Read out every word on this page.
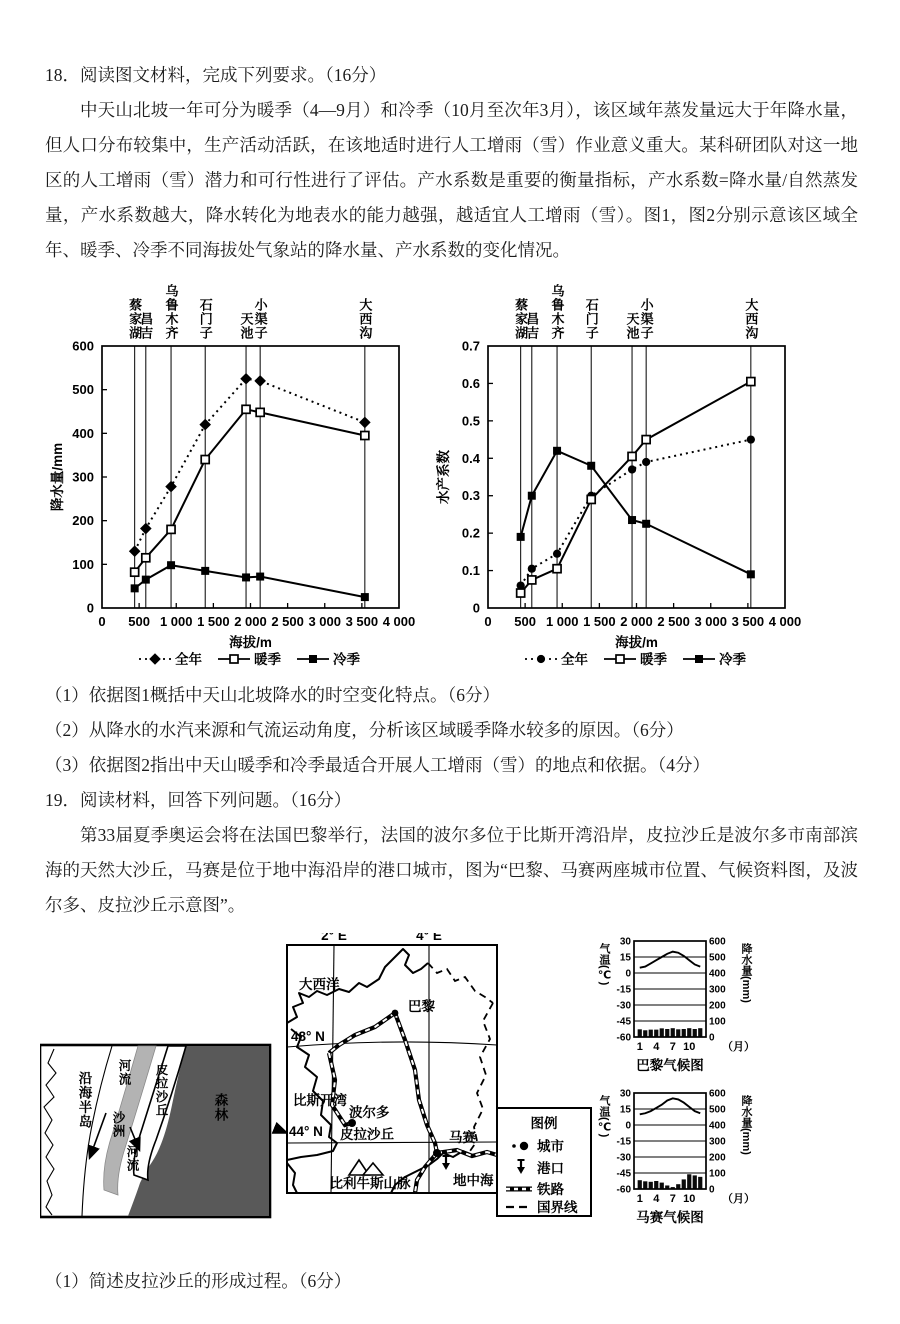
18．阅读图文材料，完成下列要求。（16分）

中天山北坡一年可分为暖季（4—9月）和冷季（10月至次年3月），该区域年蒸发量远大于年降水量，但人口分布较集中，生产活动活跃，在该地适时进行人工增雨（雪）作业意义重大。某科研团队对这一地区的人工增雨（雪）潜力和可行性进行了评估。产水系数是重要的衡量指标，产水系数=降水量/自然蒸发量，产水系数越大，降水转化为地表水的能力越强，越适宜人工增雨（雪）。图1，图2分别示意该区域全年、暖季、冷季不同海拔处气象站的降水量、产水系数的变化情况。

0
100
200
300
400
500
600
0 500 1 000 1 500 2 000 2 500 3 000 3 500 4 000
蔡家湖
昌吉 乌鲁木齐 石门子 天池 小渠子	大西沟
降水量/mm
海拔/m
全年	暖季	冷季
0
0.1
0.2
0.3
0.4
0.5
0.6
0.7
0 500 1 000 1 500 2 000 2 500 3 000 3 500 4 000
蔡家湖
昌吉 乌鲁木齐 石门子 天池 小渠子	大西沟
水产系数
海拔/m
全年	暖季	冷季
（1）依据图1概括中天山北坡降水的时空变化特点。（6分）
（2）从降水的水汽来源和气流运动角度，分析该区域暖季降水较多的原因。（6分）
（3）依据图2指出中天山暖季和冷季最适合开展人工增雨（雪）的地点和依据。（4分）
19．阅读材料，回答下列问题。（16分）

第33届夏季奥运会将在法国巴黎举行，法国的波尔多位于比斯开湾沿岸，皮拉沙丘是波尔多市南部滨海的天然大沙丘，马赛是位于地中海沿岸的港口城市，图为“巴黎、马赛两座城市位置、气候资料图，及波尔多、皮拉沙丘示意图”。

沿海半岛 河流
沙洲
河流
皮拉沙丘	森林
2° E	4° E
48° N
44° N
大西洋
巴黎
比斯开湾
波尔多
皮拉沙丘	马赛
比利牛斯山脉	地中海
图例
城市
港口
铁路
国界线
30
15
0
-15
-30
-45
-60
600
500
400
300
200
100
0
1 4 7 10 （月）
气温(℃)	降水量(mm)
巴黎气候图
30
15
0
-15
-30
-45
-60
600
500
400
300
200
100
0
1 4 7 10 （月）
气温(℃)	降水量(mm)
马赛气候图
（1）简述皮拉沙丘的形成过程。（6分）
